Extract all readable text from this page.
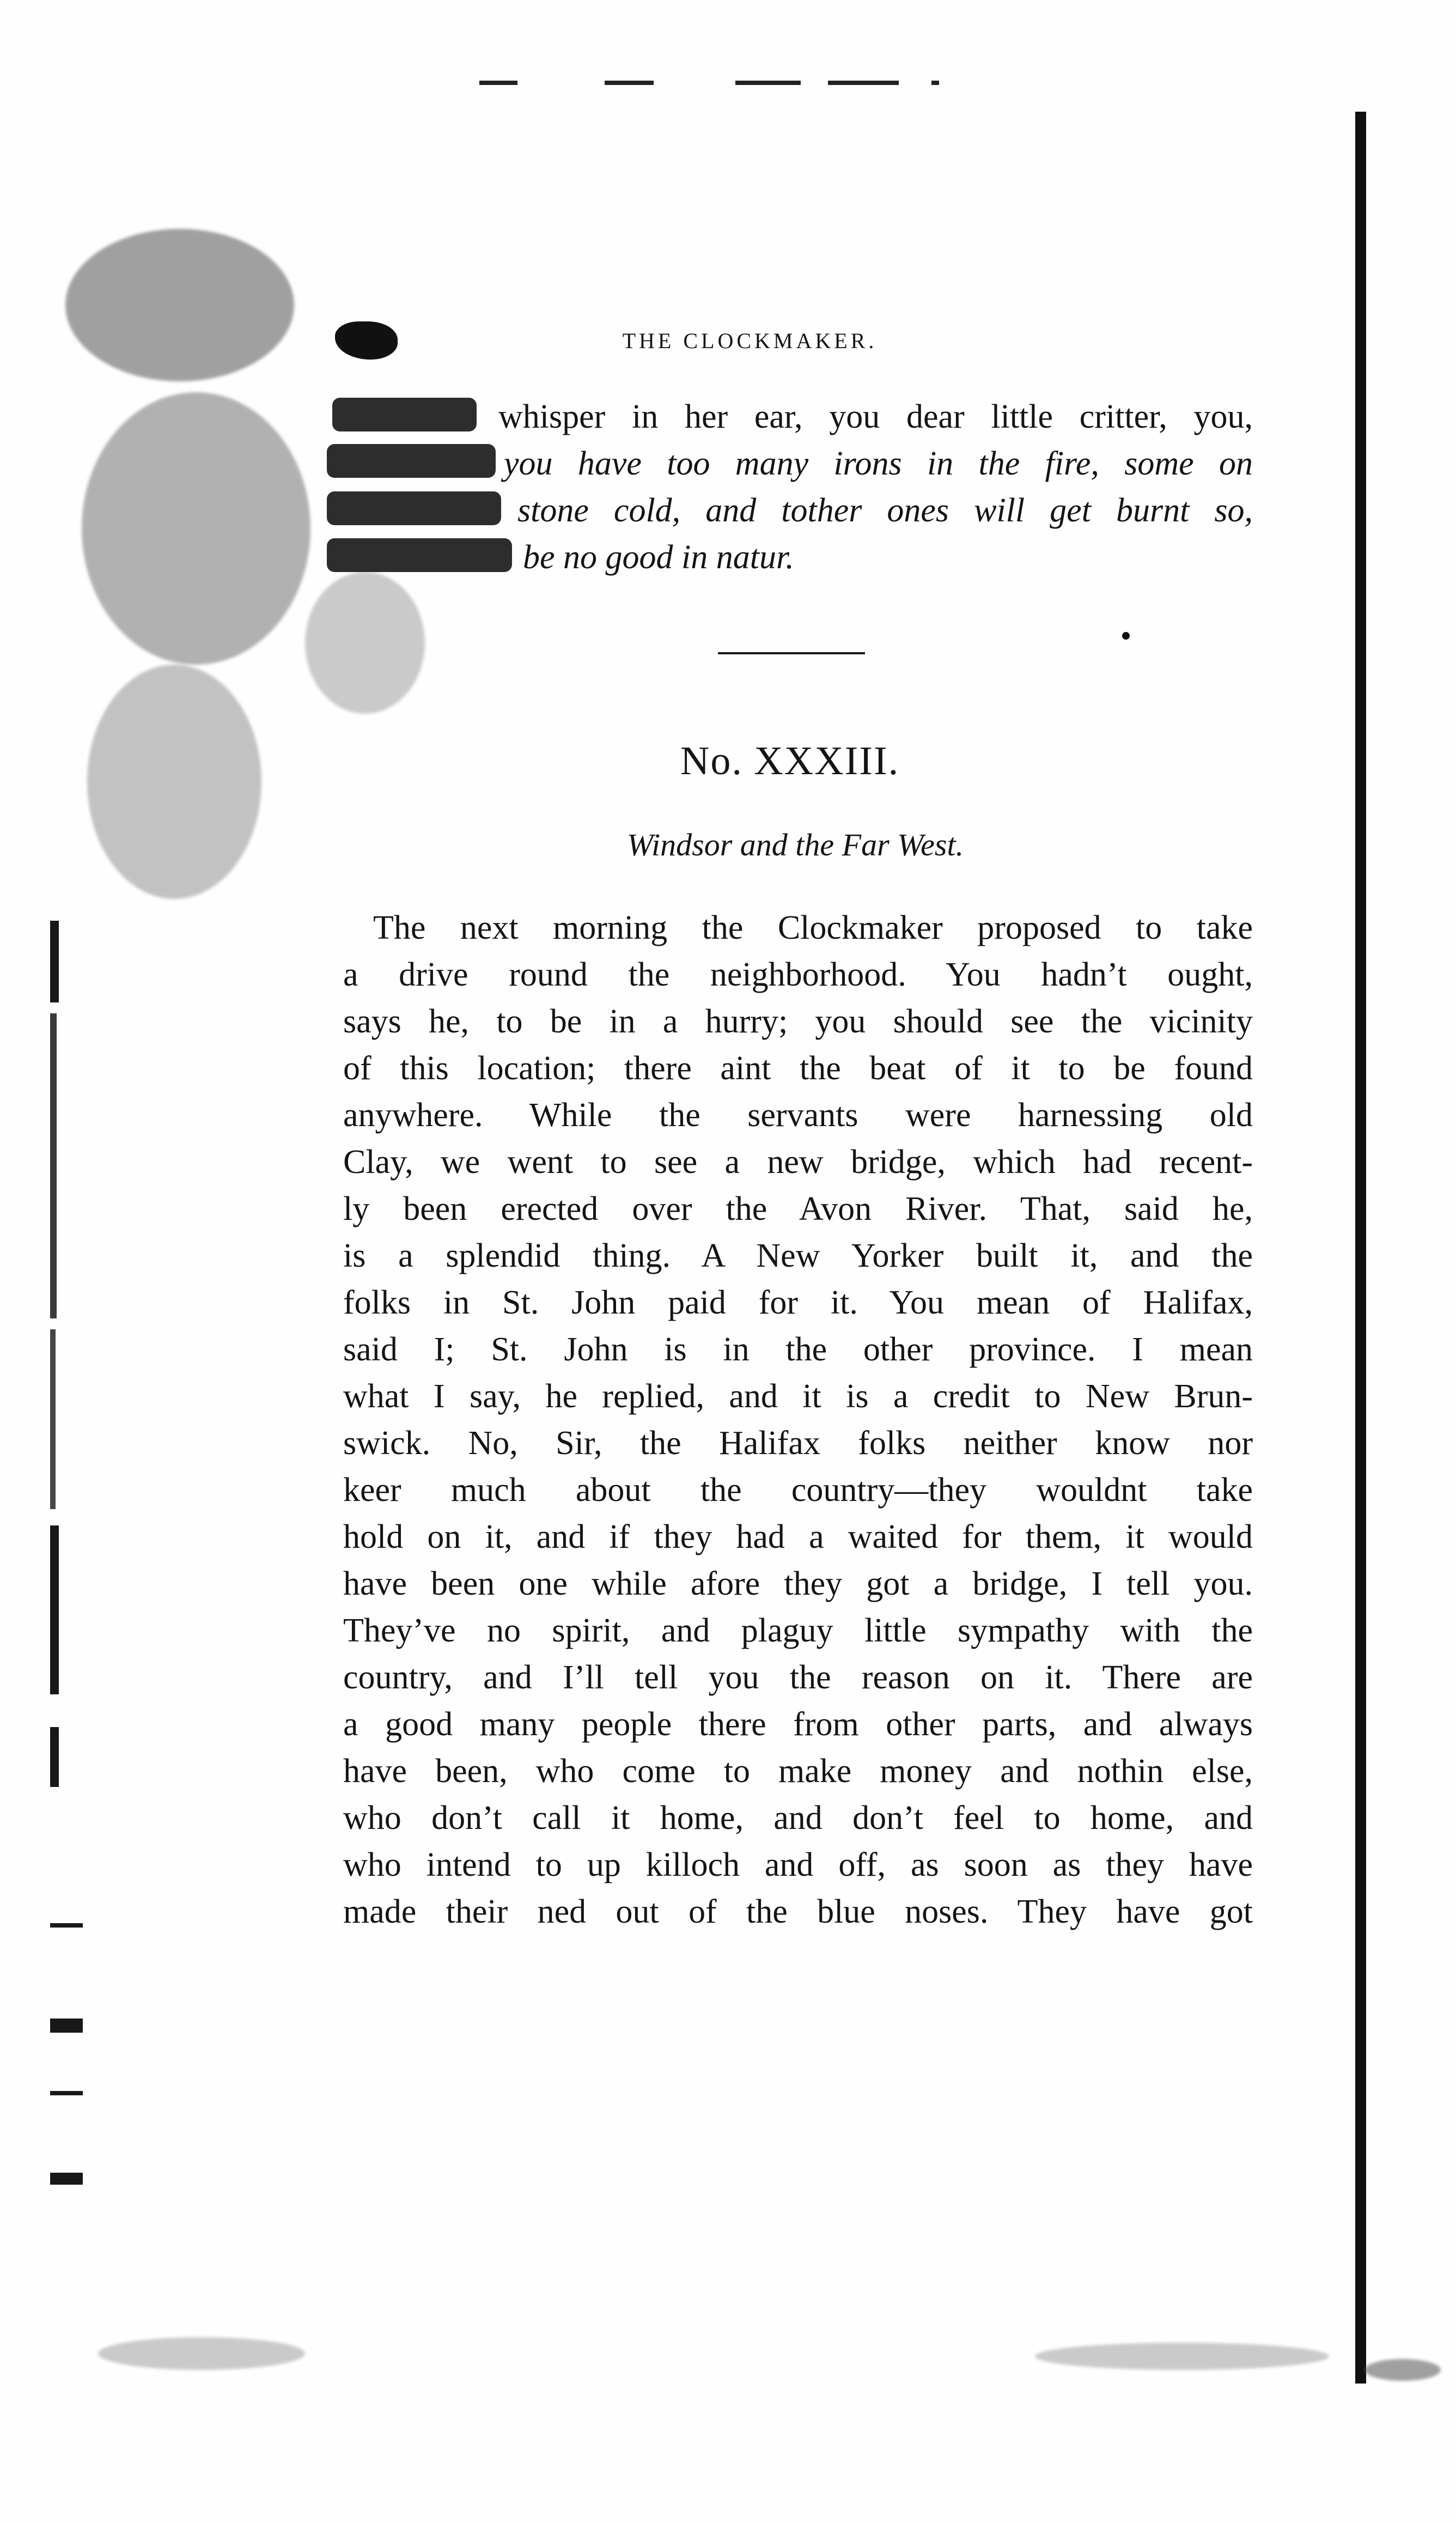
THE CLOCKMAKER.
whisper in her ear, you dear little critter, you,
you have too many irons in the fire, some on
stone cold, and tother ones will get burnt so,
be no good in natur.
No. XXXIII.
Windsor and the Far West.
The next morning the Clockmaker proposed to take
a drive round the neighborhood. You hadn’t ought,
says he, to be in a hurry; you should see the vicinity
of this location; there aint the beat of it to be found
anywhere. While the servants were harnessing old
Clay, we went to see a new bridge, which had recent-
ly been erected over the Avon River. That, said he,
is a splendid thing. A New Yorker built it, and the
folks in St. John paid for it. You mean of Halifax,
said I; St. John is in the other province. I mean
what I say, he replied, and it is a credit to New Brun-
swick. No, Sir, the Halifax folks neither know nor
keer much about the country—they wouldnt take
hold on it, and if they had a waited for them, it would
have been one while afore they got a bridge, I tell you.
They’ve no spirit, and plaguy little sympathy with the
country, and I’ll tell you the reason on it. There are
a good many people there from other parts, and always
have been, who come to make money and nothin else,
who don’t call it home, and don’t feel to home, and
who intend to up killoch and off, as soon as they have
made their ned out of the blue noses. They have got
